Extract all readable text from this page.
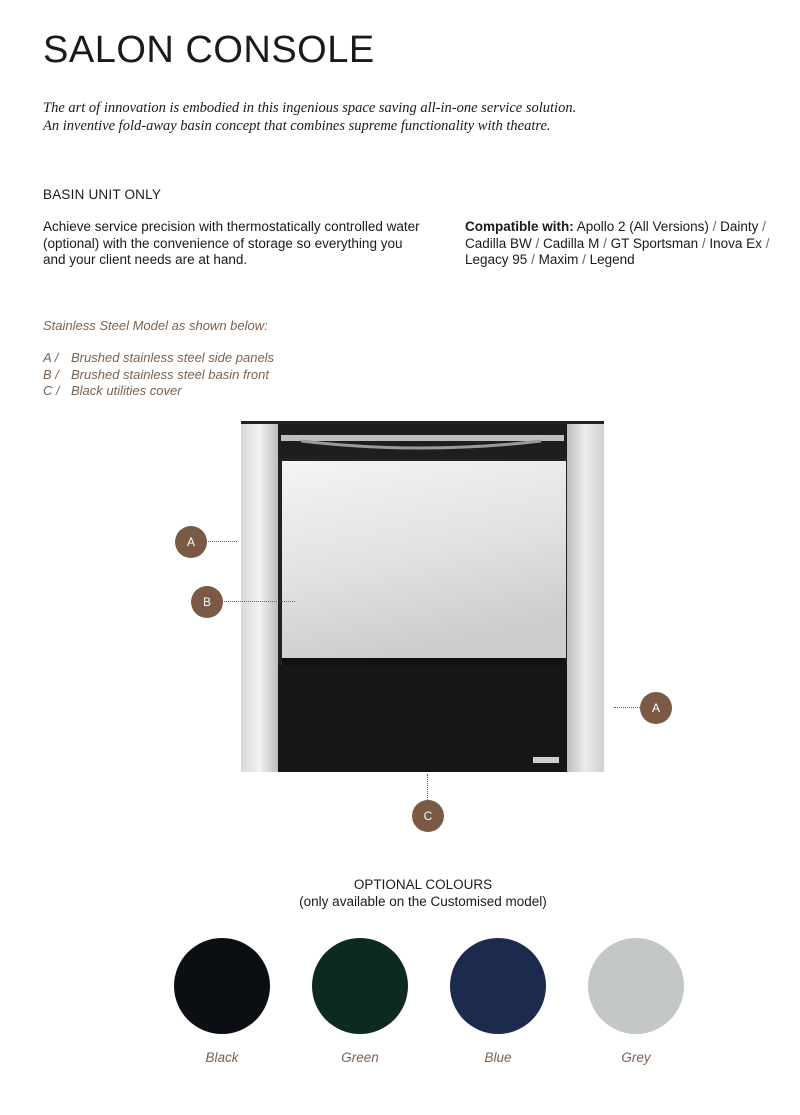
SALON CONSOLE
The art of innovation is embodied in this ingenious space saving all-in-one service solution.
An inventive fold-away basin concept that combines supreme functionality with theatre.
BASIN UNIT ONLY
Achieve service precision with thermostatically controlled water (optional) with the convenience of storage so everything you and your client needs are at hand.
Compatible with: Apollo 2 (All Versions) / Dainty / Cadilla BW / Cadilla M / GT Sportsman / Inova Ex / Legacy 95 / Maxim / Legend
Stainless Steel Model as shown below:
A / Brushed stainless steel side panels
B / Brushed stainless steel basin front
C / Black utilities cover
A
B
A
C
OPTIONAL COLOURS
(only available on the Customised model)
Black	Green	Blue	Grey
